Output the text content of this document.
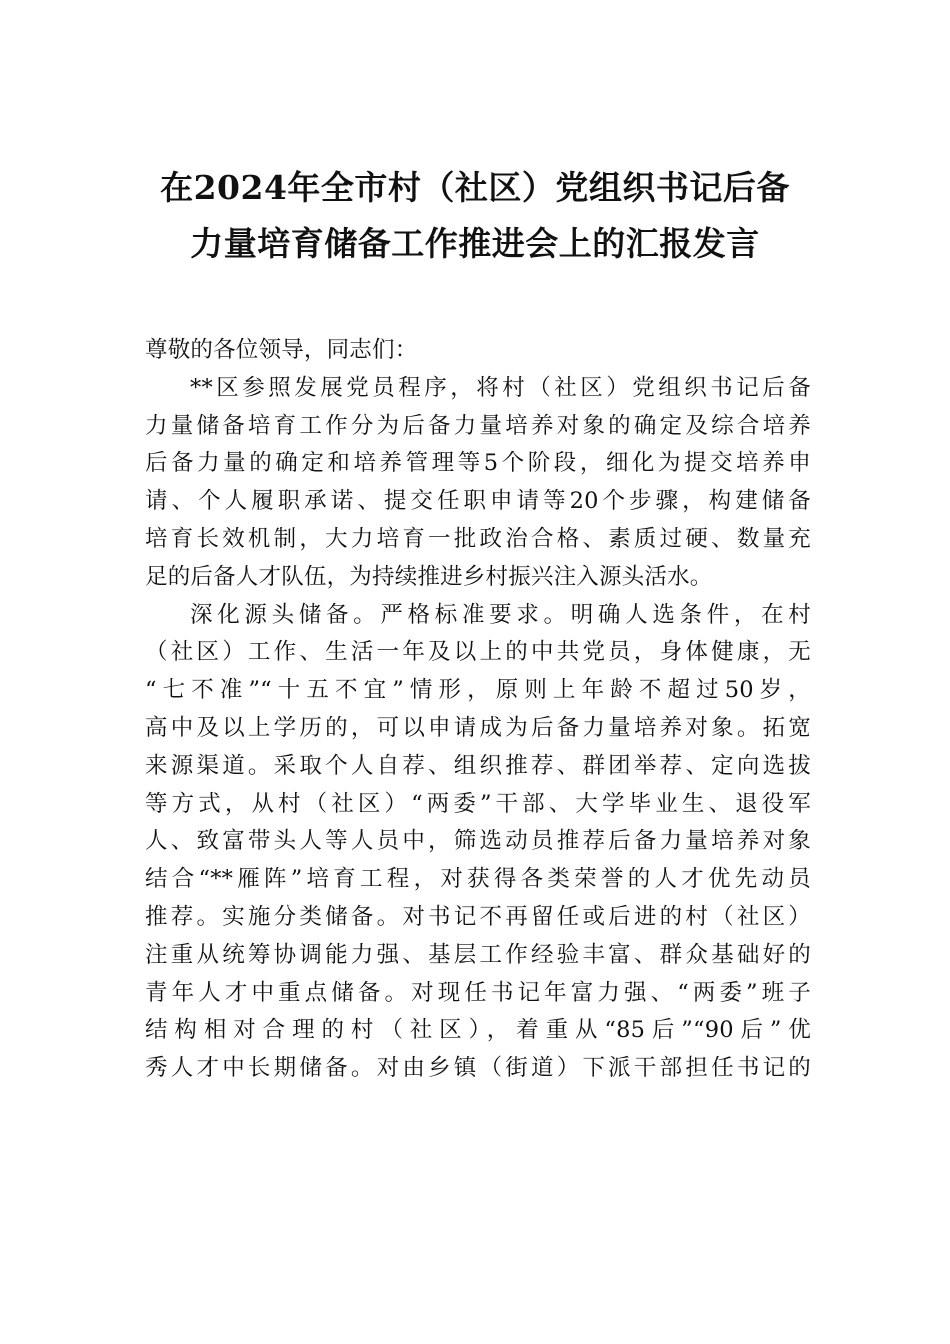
在2024年全市村（社区）党组织书记后备
力量培育储备工作推进会上的汇报发言
尊敬的各位领导，同志们：
**区参照发展党员程序，将村（社区）党组织书记后备
力量储备培育工作分为后备力量培养对象的确定及综合培养
后备力量的确定和培养管理等5个阶段，细化为提交培养申
请、个人履职承诺、提交任职申请等20个步骤，构建储备
培育长效机制，大力培育一批政治合格、素质过硬、数量充
足的后备人才队伍，为持续推进乡村振兴注入源头活水。
深化源头储备。严格标准要求。明确人选条件，在村
（社区）工作、生活一年及以上的中共党员，身体健康，无
“七不准”“十五不宜”情形，原则上年龄不超过50岁，
高中及以上学历的，可以申请成为后备力量培养对象。拓宽
来源渠道。采取个人自荐、组织推荐、群团举荐、定向选拔
等方式，从村（社区）“两委”干部、大学毕业生、退役军
人、致富带头人等人员中，筛选动员推荐后备力量培养对象
结合“**雁阵”培育工程，对获得各类荣誉的人才优先动员
推荐。实施分类储备。对书记不再留任或后进的村（社区）
注重从统筹协调能力强、基层工作经验丰富、群众基础好的
青年人才中重点储备。对现任书记年富力强、“两委”班子
结构相对合理的村（社区），着重从“85后”“90后”优
秀人才中长期储备。对由乡镇（街道）下派干部担任书记的
